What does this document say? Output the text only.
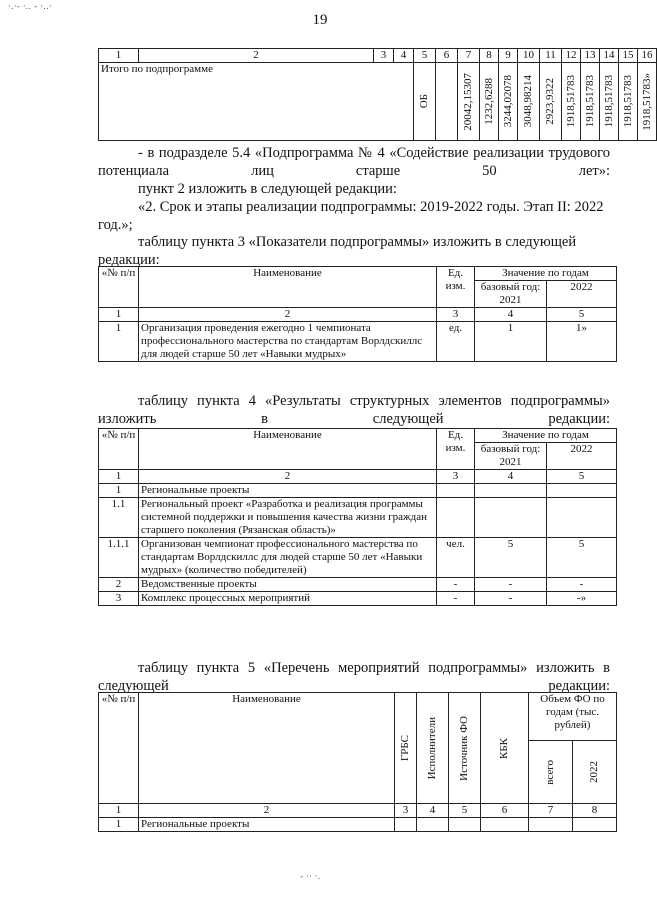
19
1	2	3	4	5	6	7	8	9	10	11	12	13	14	15	16
Итого по подпрограмме				ОБ		20042,15307	1232,6288	3244,02078	3048,98214	2923,9322	1918,51783	1918,51783	1918,51783	1918,51783	1918,51783»

- в подразделе 5.4 «Подпрограмма № 4 «Содействие реализации трудового потенциала лиц старше 50 лет»:

пункт 2 изложить в следующей редакции:

«2. Срок и этапы реализации подпрограммы: 2019-2022 годы. Этап II: 2022 год.»;

таблицу пункта 3 «Показатели подпрограммы» изложить в следующей редакции:

«№ п/п	Наименование	Ед. изм.	Значение по годам	
			базовый год: 2021	2022
1	2	3	4	5
1	Организация проведения ежегодно 1 чемпионата профессионального мастерства по стандартам Ворлдскиллс для людей старше 50 лет «Навыки мудрых»	ед.	1	1»

таблицу пункта 4 «Результаты структурных элементов подпрограммы» изложить в следующей редакции:

«№ п/п	Наименование	Ед. изм.	Значение по годам	
			базовый год: 2021	2022
1	2	3	4	5
1	Региональные проекты			
1.1	Региональный проект «Разработка и реализация программы системной поддержки и повышения качества жизни граждан старшего поколения (Рязанская область)»			
1.1.1	Организован чемпионат профессионального мастерства по стандартам Ворлдскиллс для людей старше 50 лет «Навыки мудрых» (количество победителей)	чел.	5	5
2	Ведомственные проекты	-	-	-
3	Комплекс процессных мероприятий	-	-	-»

таблицу пункта 5 «Перечень мероприятий подпрограммы» изложить в следующей редакции:

«№ п/п	Наименование	ГРБС	Исполнители	Источник ФО	КБК	Объем ФО по годам (тыс. рублей)	

						всего	2022

1	2	3	4	5	6	7	8
1	Региональные проекты						
·.·- ·.. - ·..·
- ·· ·.
